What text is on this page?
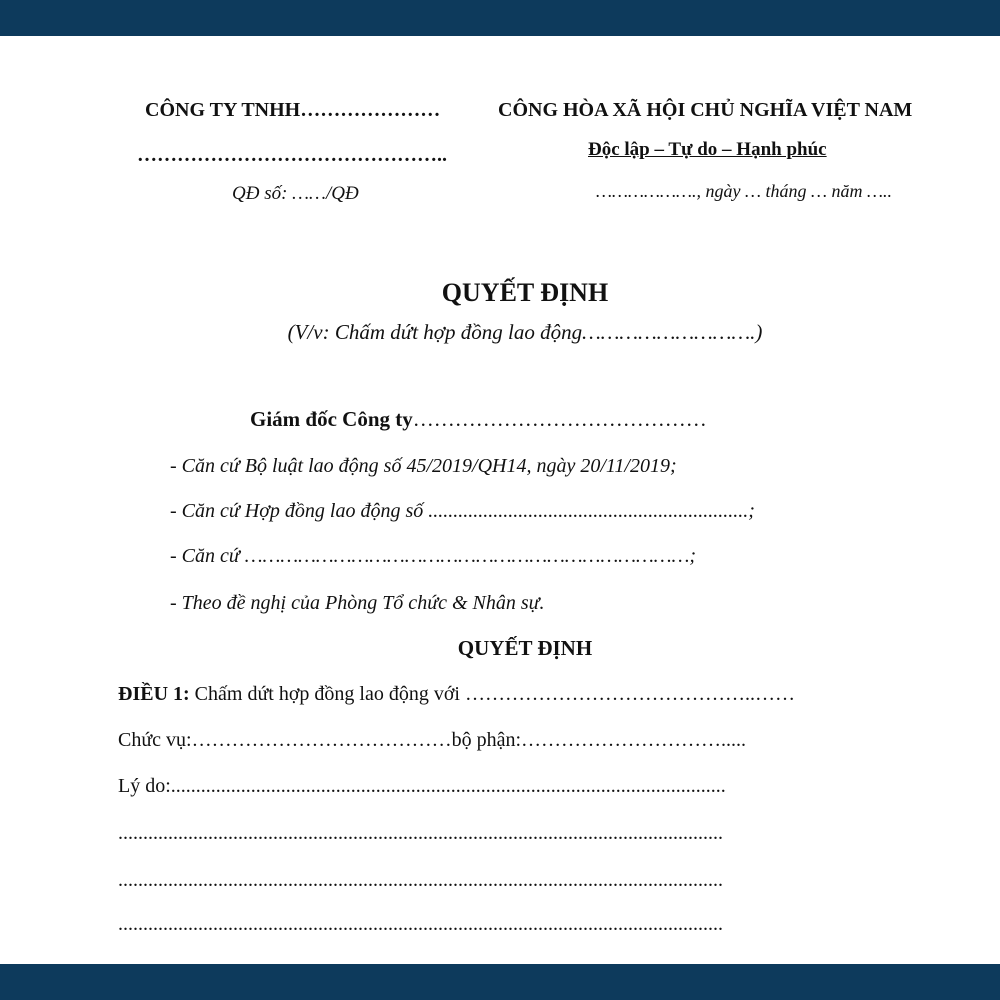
CÔNG TY TNHH…………………
………………………………………..
QĐ số: ……/QĐ
CÔNG HÒA XÃ HỘI CHỦ NGHĨA VIỆT NAM
Độc lập – Tự do – Hạnh phúc
………………., ngày … tháng … năm …..
QUYẾT ĐỊNH
(V/v: Chấm dứt hợp đồng lao động……………………….)
Giám đốc Công ty……………………………………
- Căn cứ Bộ luật lao động số 45/2019/QH14, ngày 20/11/2019;
- Căn cứ Hợp đồng lao động số ................................................................;
- Căn cứ …………………………………………………………………;
- Theo đề nghị của Phòng Tổ chức & Nhân sự.
QUYẾT ĐỊNH
ĐIỀU 1: Chấm dứt hợp đồng lao động với ……………………………………..……
Chức vụ:…………………………………bộ phận:………………………….....
Lý do:...............................................................................................................
.........................................................................................................................
.........................................................................................................................
.........................................................................................................................
